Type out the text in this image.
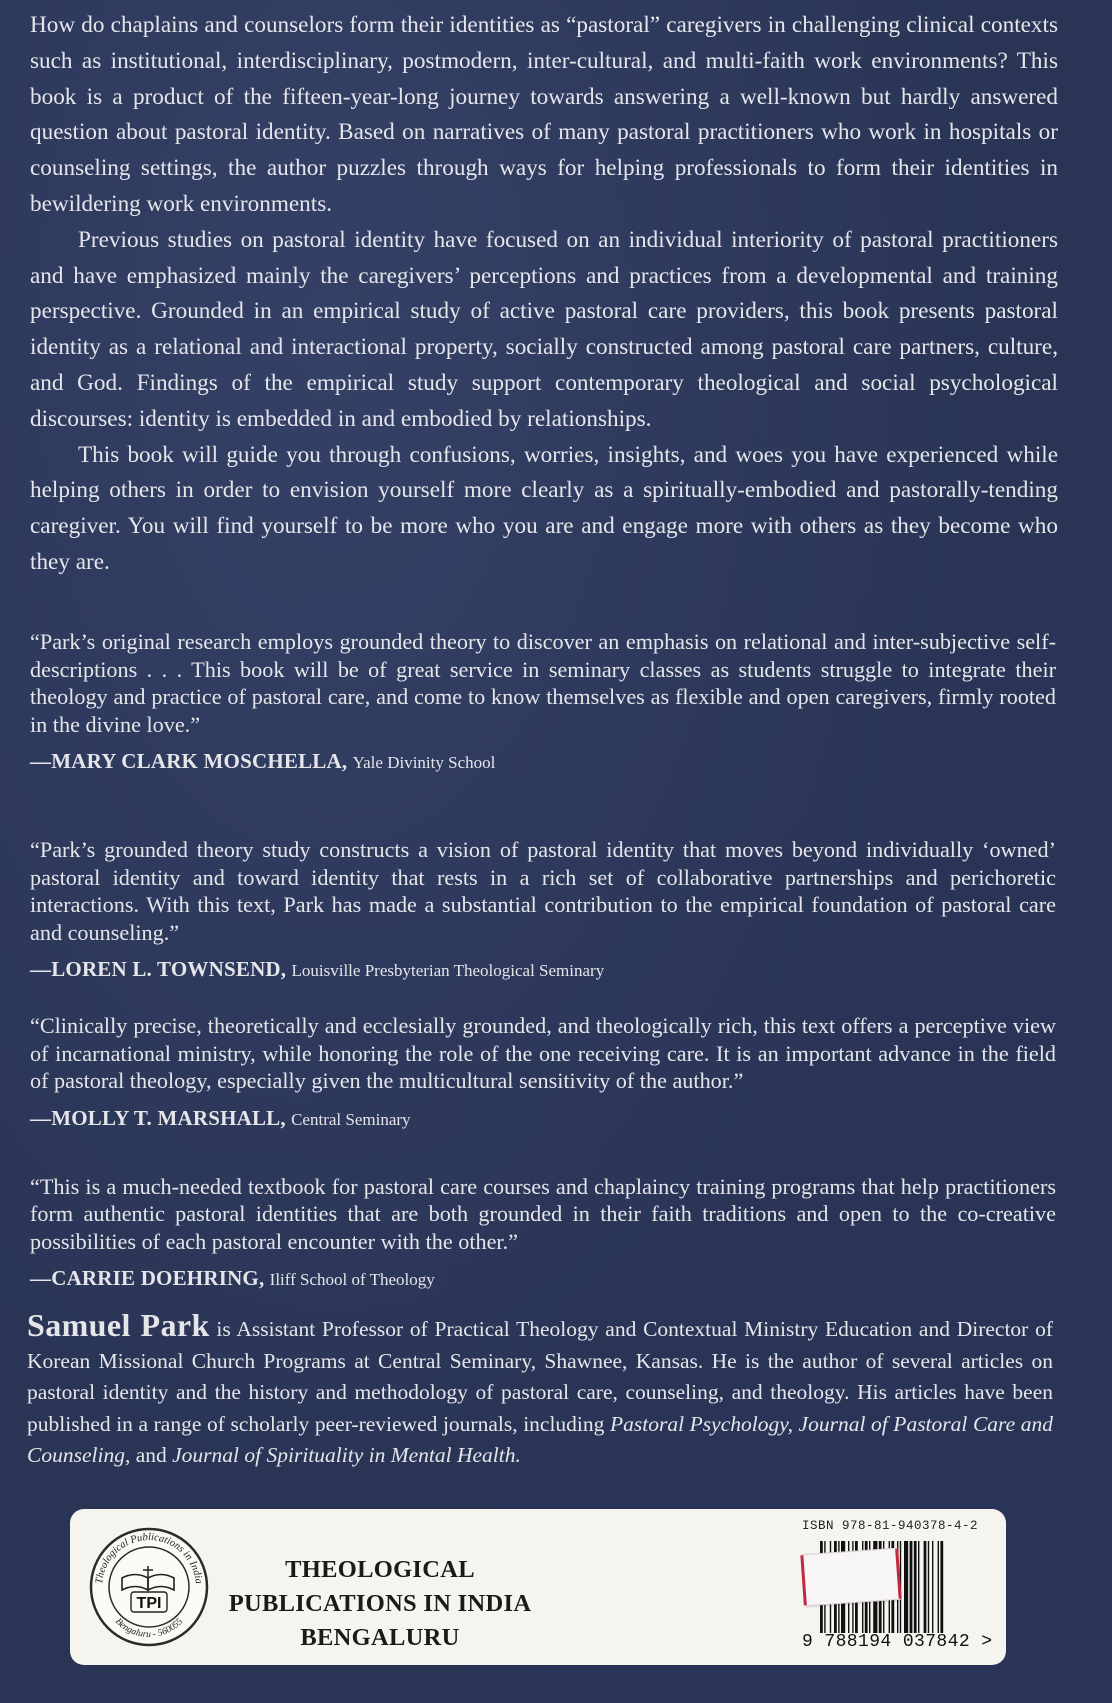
How do chaplains and counselors form their identities as “pastoral” caregivers in challenging clinical contexts such as institutional, interdisciplinary, postmodern, inter-cultural, and multi-faith work environments? This book is a product of the fifteen-year-long journey towards answering a well-known but hardly answered question about pastoral identity. Based on narratives of many pastoral practitioners who work in hospitals or counseling settings, the author puzzles through ways for helping professionals to form their identities in bewildering work environments.

Previous studies on pastoral identity have focused on an individual interiority of pastoral practitioners and have emphasized mainly the caregivers’ perceptions and practices from a developmental and training perspective. Grounded in an empirical study of active pastoral care providers, this book presents pastoral identity as a relational and interactional property, socially constructed among pastoral care partners, culture, and God. Findings of the empirical study support contemporary theological and social psychological discourses: identity is embedded in and embodied by relationships.

This book will guide you through confusions, worries, insights, and woes you have experienced while helping others in order to envision yourself more clearly as a spiritually-embodied and pastorally-tending caregiver. You will find yourself to be more who you are and engage more with others as they become who they are.

“Park’s original research employs grounded theory to discover an emphasis on relational and inter-subjective self-descriptions . . . This book will be of great service in seminary classes as students struggle to integrate their theology and practice of pastoral care, and come to know themselves as flexible and open caregivers, firmly rooted in the divine love.”

—MARY CLARK MOSCHELLA, Yale Divinity School

“Park’s grounded theory study constructs a vision of pastoral identity that moves beyond individually ‘owned’ pastoral identity and toward identity that rests in a rich set of collaborative partnerships and perichoretic interactions. With this text, Park has made a substantial contribution to the empirical foundation of pastoral care and counseling.”

—LOREN L. TOWNSEND, Louisville Presbyterian Theological Seminary

“Clinically precise, theoretically and ecclesially grounded, and theologically rich, this text offers a perceptive view of incarnational ministry, while honoring the role of the one receiving care. It is an important advance in the field of pastoral theology, especially given the multicultural sensitivity of the author.”

—MOLLY T. MARSHALL, Central Seminary

“This is a much-needed textbook for pastoral care courses and chaplaincy training programs that help practitioners form authentic pastoral identities that are both grounded in their faith traditions and open to the co-creative possibilities of each pastoral encounter with the other.”

—CARRIE DOEHRING, Iliff School of Theology
Samuel Park is Assistant Professor of Practical Theology and Contextual Ministry Education and Director of Korean Missional Church Programs at Central Seminary, Shawnee, Kansas. He is the author of several articles on pastoral identity and the history and methodology of pastoral care, counseling, and theology. His articles have been published in a range of scholarly peer-reviewed journals, including Pastoral Psychology, Journal of Pastoral Care and Counseling, and Journal of Spirituality in Mental Health.
Theological Publications in India
Bengaluru - 560055
TPI
THEOLOGICAL PUBLICATIONS IN INDIA
BENGALURU
ISBN 978-81-940378-4-2
9 788194 037842 >
